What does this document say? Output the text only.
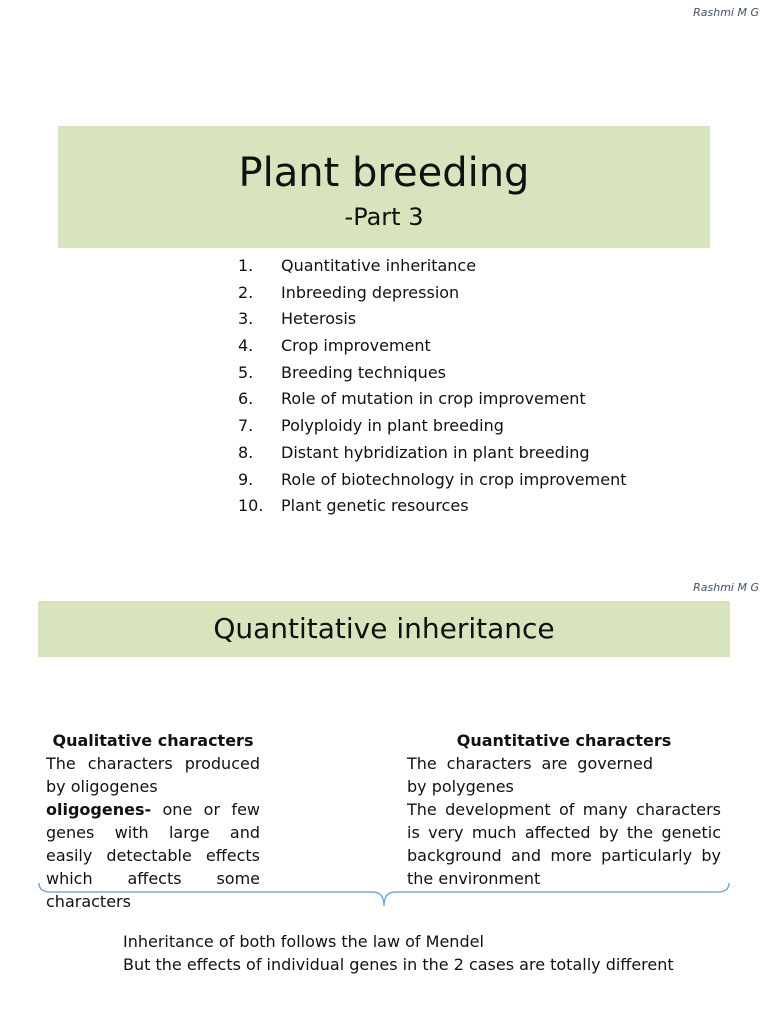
Rashmi M G
Plant breeding
-Part 3
1. Quantitative inheritance
2. Inbreeding depression
3. Heterosis
4. Crop improvement
5. Breeding techniques
6. Role of mutation in crop improvement
7. Polyploidy in plant breeding
8. Distant hybridization in plant breeding
9. Role of biotechnology in crop improvement
10. Plant genetic resources
Rashmi M G
Quantitative inheritance
Qualitative characters
The characters produced by oligogenes
oligogenes- one or few genes with large and easily detectable effects which affects some characters
Quantitative characters
The characters are governed by polygenes
The development of many characters is very much affected by the genetic background and more particularly by the environment
Inheritance of both follows the law of Mendel
But the effects of individual genes in the 2 cases are totally different
